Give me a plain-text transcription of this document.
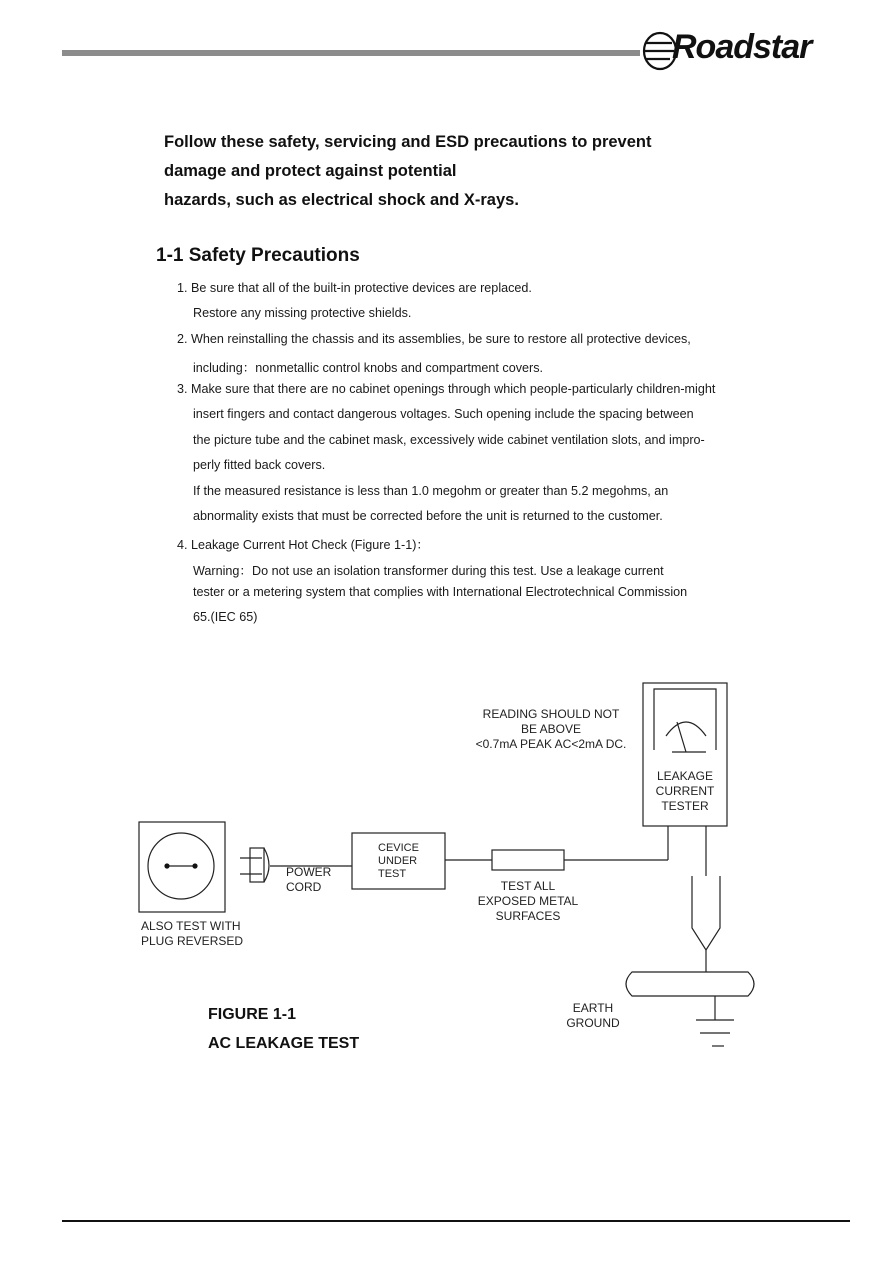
Roadstar
Follow these safety, servicing and ESD precautions to prevent
damage and protect against potential
hazards, such as electrical shock and X-rays.
1-1 Safety Precautions
1. Be sure that all of the built-in protective devices are replaced.
Restore any missing protective shields.
2. When reinstalling the chassis and its assemblies, be sure to restore all protective devices,
including：nonmetallic control knobs and compartment covers.
3. Make sure that there are no cabinet openings through which people-particularly children-might
insert fingers and contact dangerous voltages. Such opening include the spacing between
the picture tube and the cabinet mask, excessively wide cabinet ventilation slots, and impro-
perly fitted back covers.
If the measured resistance is less than 1.0 megohm or greater than 5.2 megohms, an
abnormality exists that must be corrected before the unit is returned to the customer.
4. Leakage Current Hot Check (Figure 1-1)：
Warning：Do not use an isolation transformer during this test. Use a leakage current
tester or a metering system that complies with International Electrotechnical Commission
65.(IEC 65)
READING SHOULD NOT
BE ABOVE
<0.7mA PEAK AC<2mA DC.
LEAKAGE
CURRENT
TESTER
CEVICE
UNDER
TEST
POWER
CORD	TEST ALL
EXPOSED METAL
SURFACES
ALSO TEST WITH
PLUG REVERSED
EARTH
GROUND
FIGURE 1-1
AC LEAKAGE TEST
